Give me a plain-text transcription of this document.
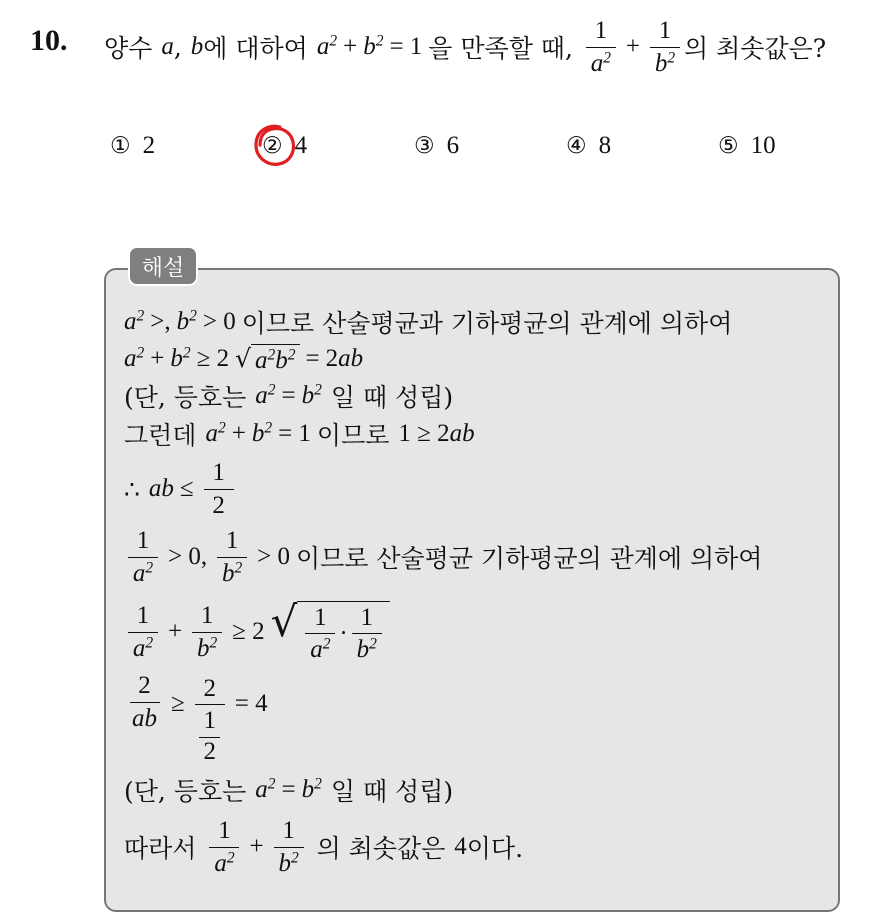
10. 양수 a , b 에 대하여 $a^2 + b^2 = 1$ 을 만족할 때, $\frac{1}{a^2} + \frac{1}{b^2}$ 의 최솟값은?
① 2	② 4	③ 6	④ 8	⑤ 10
해설
$a^2$ >, $b^2 > 0$ 이므로 산술평균과 기하평균의 관계에 의하여
$a^2 + b^2 \ge 2$ √ $a^2b^2 = 2$ ab
(단, 등호는 $a^2 = b^2$ 일 때 성립)
그런데 $a^2 + b^2 = 1$ 이므로 1 ≥ 2 ab
∴ ab ≤ $\frac{1}{2}$
$\frac{1}{a^2} > 0$, $\frac{1}{b^2} > 0$ 이므로 산술평균 기하평균의 관계에 의하여
$\frac{1}{a^2} + \frac{1}{b^2} \ge 2$ √ $\frac{1}{a^2} \cdot \frac{1}{b^2}$
$\frac{2}{ab} \ge 2$
1
2 = 4
(단, 등호는 $a^2 = b^2$ 일 때 성립)
따라서 $\frac{1}{a^2} + \frac{1}{b^2}$ 의 최솟값은 4 이다.
